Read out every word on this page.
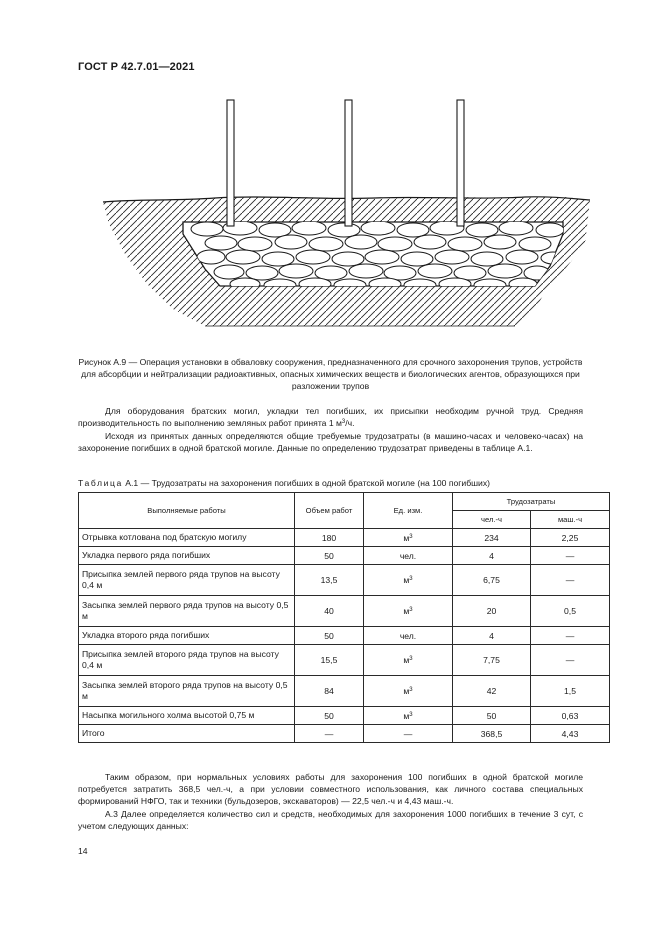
ГОСТ Р 42.7.01—2021
Рисунок А.9 — Операция установки в обваловку сооружения, предназначенного для срочного захоронения трупов, устройств для абсорбции и нейтрализации радиоактивных, опасных химических веществ и биологических агентов, образующихся при разложении трупов

Для оборудования братских могил, укладки тел погибших, их присыпки необходим ручной труд. Средняя производительность по выполнению земляных работ принята 1 $м^3/ч$.

Исходя из принятых данных определяются общие требуемые трудозатраты (в машино-часах и человеко-часах) на захоронение погибших в одной братской могиле. Данные по определению трудозатрат приведены в таблице А.1.

Таблица А.1 — Трудозатраты на захоронения погибших в одной братской могиле (на 100 погибших)
Выполняемые работы	Объем работ	Ед. изм.	Трудозатраты	
			чел.-ч	маш.-ч
Отрывка котлована под братскую могилу	180	$м^3$	234	2,25
Укладка первого ряда погибших	50	чел.	4	—
Присыпка землей первого ряда трупов на высоту 0,4 м	13,5	$м^3$	6,75	—
Засыпка землей первого ряда трупов на высоту 0,5 м	40	$м^3$	20	0,5
Укладка второго ряда погибших	50	чел.	4	—
Присыпка землей второго ряда трупов на высоту 0,4 м	15,5	$м^3$	7,75	—
Засыпка землей второго ряда трупов на высоту 0,5 м	84	$м^3$	42	1,5
Насыпка могильного холма высотой 0,75 м	50	$м^3$	50	0,63
Итого	—	—	368,5	4,43

Таким образом, при нормальных условиях работы для захоронения 100 погибших в одной братской могиле потребуется затратить 368,5 чел.-ч, а при условии совместного использования, как личного состава специальных формирований НФГО, так и техники (бульдозеров, экскаваторов) — 22,5 чел.-ч и 4,43 маш.-ч.

А.3 Далее определяется количество сил и средств, необходимых для захоронения 1000 погибших в течение 3 сут, с учетом следующих данных:

14
